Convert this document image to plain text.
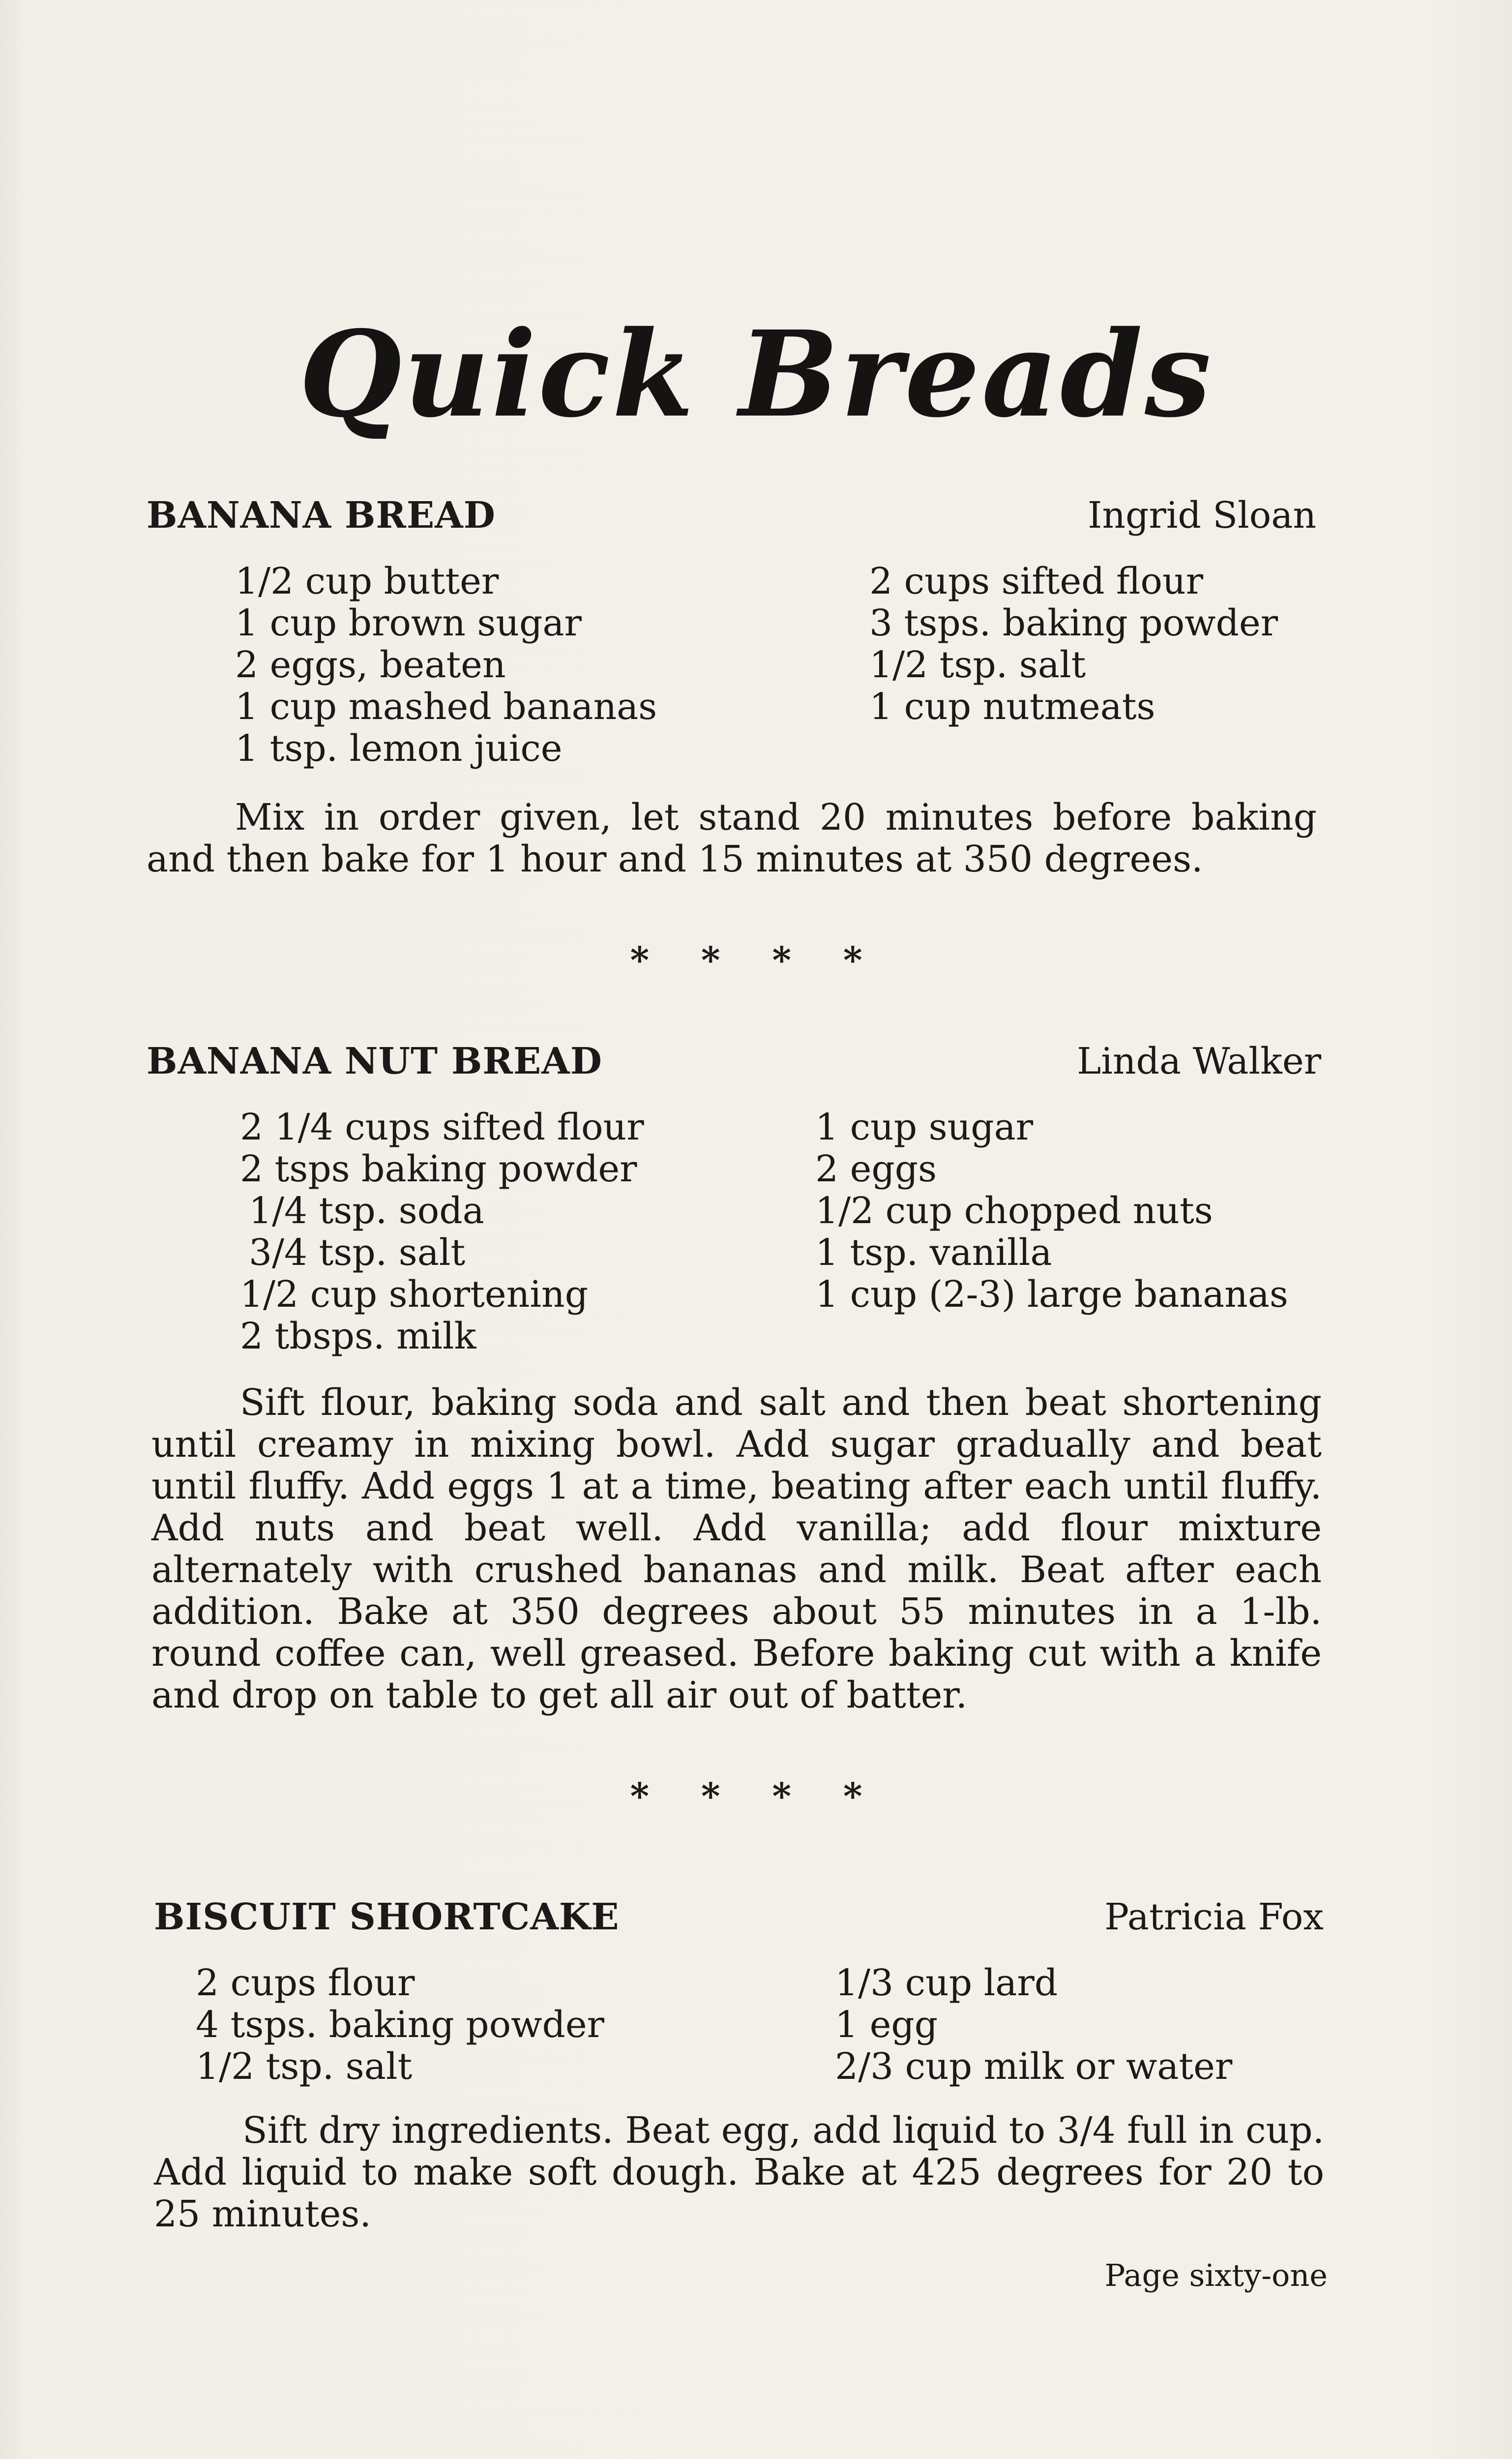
Quick Breads
BANANA BREAD	Ingrid Sloan
1/2 cup butter
1 cup brown sugar
2 eggs, beaten
1 cup mashed bananas
1 tsp. lemon juice
2 cups sifted flour
3 tsps. baking powder
1/2 tsp. salt
1 cup nutmeats
Mix in order given, let stand 20 minutes before baking and then bake for 1 hour and 15 minutes at 350 degrees.
* * * *
BANANA NUT BREAD	Linda Walker
2 1/4 cups sifted flour
2 tsps baking powder
1/4 tsp. soda
3/4 tsp. salt
1/2 cup shortening
2 tbsps. milk
1 cup sugar
2 eggs
1/2 cup chopped nuts
1 tsp. vanilla
1 cup (2-3) large bananas
Sift flour, baking soda and salt and then beat shortening until creamy in mixing bowl. Add sugar gradually and beat until fluffy. Add eggs 1 at a time, beating after each until fluffy. Add nuts and beat well. Add vanilla; add flour mixture alternately with crushed bananas and milk. Beat after each addition. Bake at 350 degrees about 55 minutes in a 1-lb. round coffee can, well greased. Before baking cut with a knife and drop on table to get all air out of batter.
* * * *
BISCUIT SHORTCAKE	Patricia Fox
2 cups flour
4 tsps. baking powder
1/2 tsp. salt
1/3 cup lard
1 egg
2/3 cup milk or water
Sift dry ingredients. Beat egg, add liquid to 3/4 full in cup. Add liquid to make soft dough. Bake at 425 degrees for 20 to 25 minutes.
Page sixty-one
